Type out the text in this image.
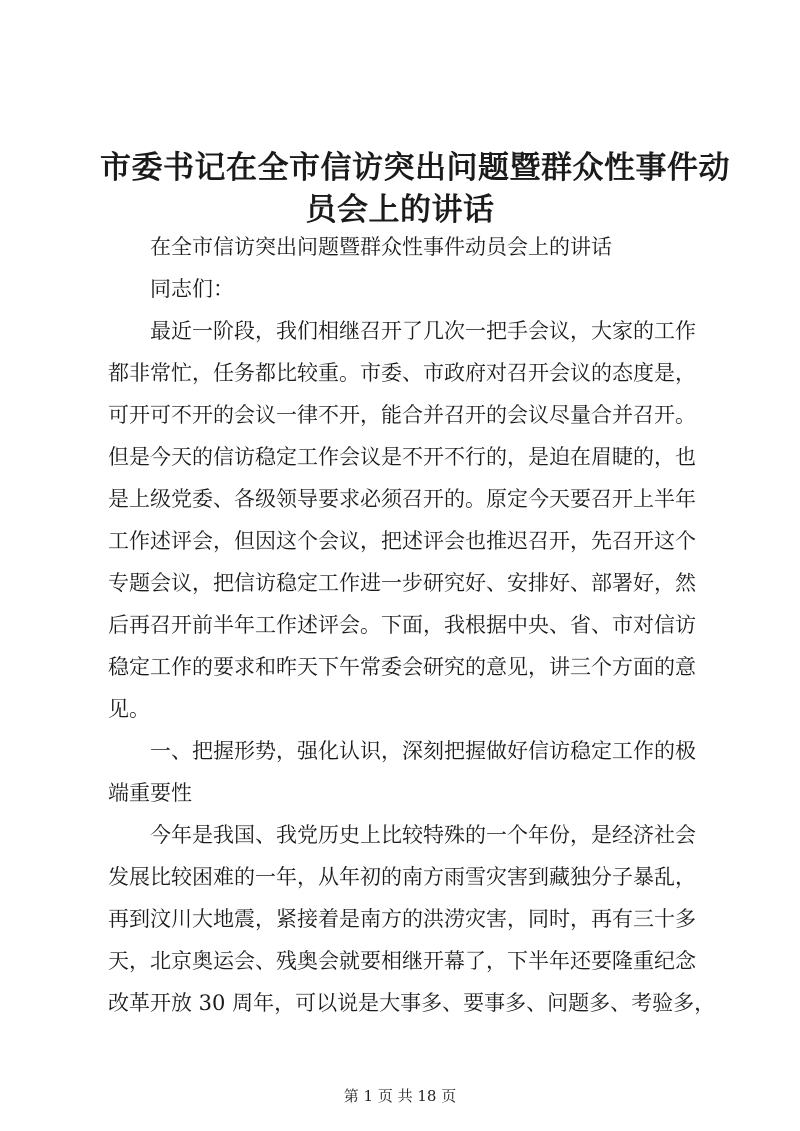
市委书记在全市信访突出问题暨群众性事件动
员会上的讲话
在全市信访突出问题暨群众性事件动员会上的讲话
同志们：
最近一阶段，我们相继召开了几次一把手会议，大家的工作
都非常忙，任务都比较重。市委、市政府对召开会议的态度是，
可开可不开的会议一律不开，能合并召开的会议尽量合并召开。
但是今天的信访稳定工作会议是不开不行的，是迫在眉睫的，也
是上级党委、各级领导要求必须召开的。原定今天要召开上半年
工作述评会，但因这个会议，把述评会也推迟召开，先召开这个
专题会议，把信访稳定工作进一步研究好、安排好、部署好，然
后再召开前半年工作述评会。下面，我根据中央、省、市对信访
稳定工作的要求和昨天下午常委会研究的意见，讲三个方面的意
见。
一、把握形势，强化认识，深刻把握做好信访稳定工作的极
端重要性
今年是我国、我党历史上比较特殊的一个年份，是经济社会
发展比较困难的一年，从年初的南方雨雪灾害到藏独分子暴乱，
再到汶川大地震，紧接着是南方的洪涝灾害，同时，再有三十多
天，北京奥运会、残奥会就要相继开幕了，下半年还要隆重纪念
改革开放 30 周年，可以说是大事多、要事多、问题多、考验多，
第 1 页 共 18 页
